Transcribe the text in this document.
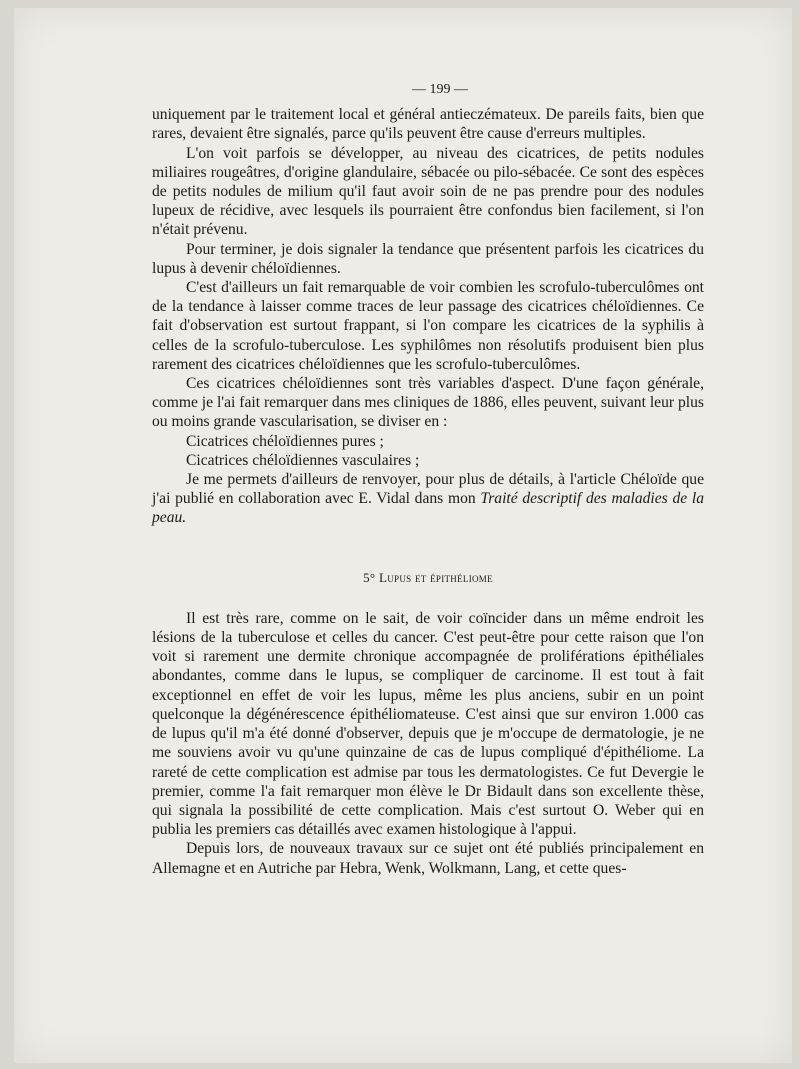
— 199 —

uniquement par le traitement local et général antieczémateux. De pareils faits, bien que rares, devaient être signalés, parce qu'ils peuvent être cause d'erreurs multiples.

L'on voit parfois se développer, au niveau des cicatrices, de petits nodules miliaires rougeâtres, d'origine glandulaire, sébacée ou pilo-sébacée. Ce sont des espèces de petits nodules de milium qu'il faut avoir soin de ne pas prendre pour des nodules lupeux de récidive, avec lesquels ils pourraient être confondus bien facilement, si l'on n'était prévenu.

Pour terminer, je dois signaler la tendance que présentent parfois les cicatrices du lupus à devenir chéloïdiennes.

C'est d'ailleurs un fait remarquable de voir combien les scrofulo-tuberculômes ont de la tendance à laisser comme traces de leur passage des cicatrices chéloïdiennes. Ce fait d'observation est surtout frappant, si l'on compare les cicatrices de la syphilis à celles de la scrofulo-tuberculose. Les syphilômes non résolutifs produisent bien plus rarement des cicatrices chéloïdiennes que les scrofulo-tuberculômes.

Ces cicatrices chéloïdiennes sont très variables d'aspect. D'une façon générale, comme je l'ai fait remarquer dans mes cliniques de 1886, elles peuvent, suivant leur plus ou moins grande vascularisation, se diviser en :

Cicatrices chéloïdiennes pures ;

Cicatrices chéloïdiennes vasculaires ;

Je me permets d'ailleurs de renvoyer, pour plus de détails, à l'article Chéloïde que j'ai publié en collaboration avec E. Vidal dans mon Traité descriptif des maladies de la peau.

5° Lupus et épithéliome

Il est très rare, comme on le sait, de voir coïncider dans un même endroit les lésions de la tuberculose et celles du cancer. C'est peut-être pour cette raison que l'on voit si rarement une dermite chronique accompagnée de proliférations épithéliales abondantes, comme dans le lupus, se compliquer de carcinome. Il est tout à fait exceptionnel en effet de voir les lupus, même les plus anciens, subir en un point quelconque la dégénérescence épithéliomateuse. C'est ainsi que sur environ 1.000 cas de lupus qu'il m'a été donné d'observer, depuis que je m'occupe de dermatologie, je ne me souviens avoir vu qu'une quinzaine de cas de lupus compliqué d'épithéliome. La rareté de cette complication est admise par tous les dermatologistes. Ce fut Devergie le premier, comme l'a fait remarquer mon élève le Dr Bidault dans son excellente thèse, qui signala la possibilité de cette complication. Mais c'est surtout O. Weber qui en publia les premiers cas détaillés avec examen histologique à l'appui.

Depuis lors, de nouveaux travaux sur ce sujet ont été publiés principalement en Allemagne et en Autriche par Hebra, Wenk, Wolkmann, Lang, et cette ques-
